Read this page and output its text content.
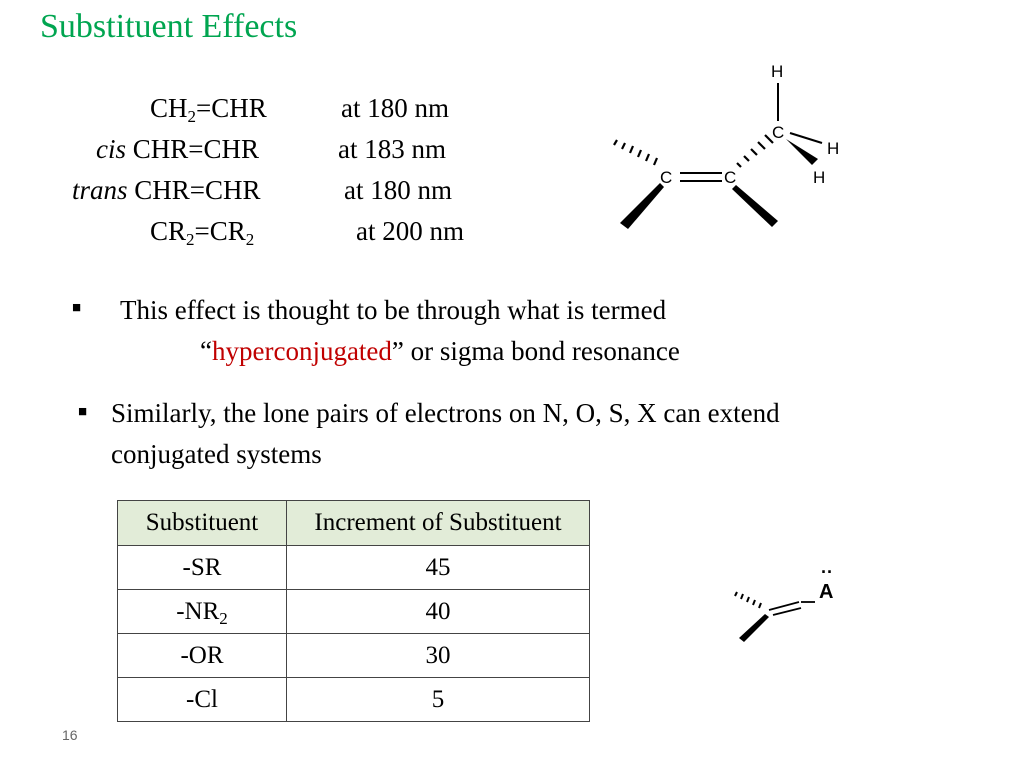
Substituent Effects
$CH_2=CHR$	at 180 nm
cis CHR=CHR	at 183 nm
trans CHR=CHR	at 180 nm
$CR_2=CR_2$	at 200 nm
C	C
C
H
H
H
■ This effect is thought to be through what is termed
“hyperconjugated” or sigma bond resonance
■ Similarly, the lone pairs of electrons on N, O, S, X can extend
conjugated systems
Substituent	Increment of Substituent
-SR	45
$-NR_2$	40
-OR	30
-Cl	5
A
··
16
